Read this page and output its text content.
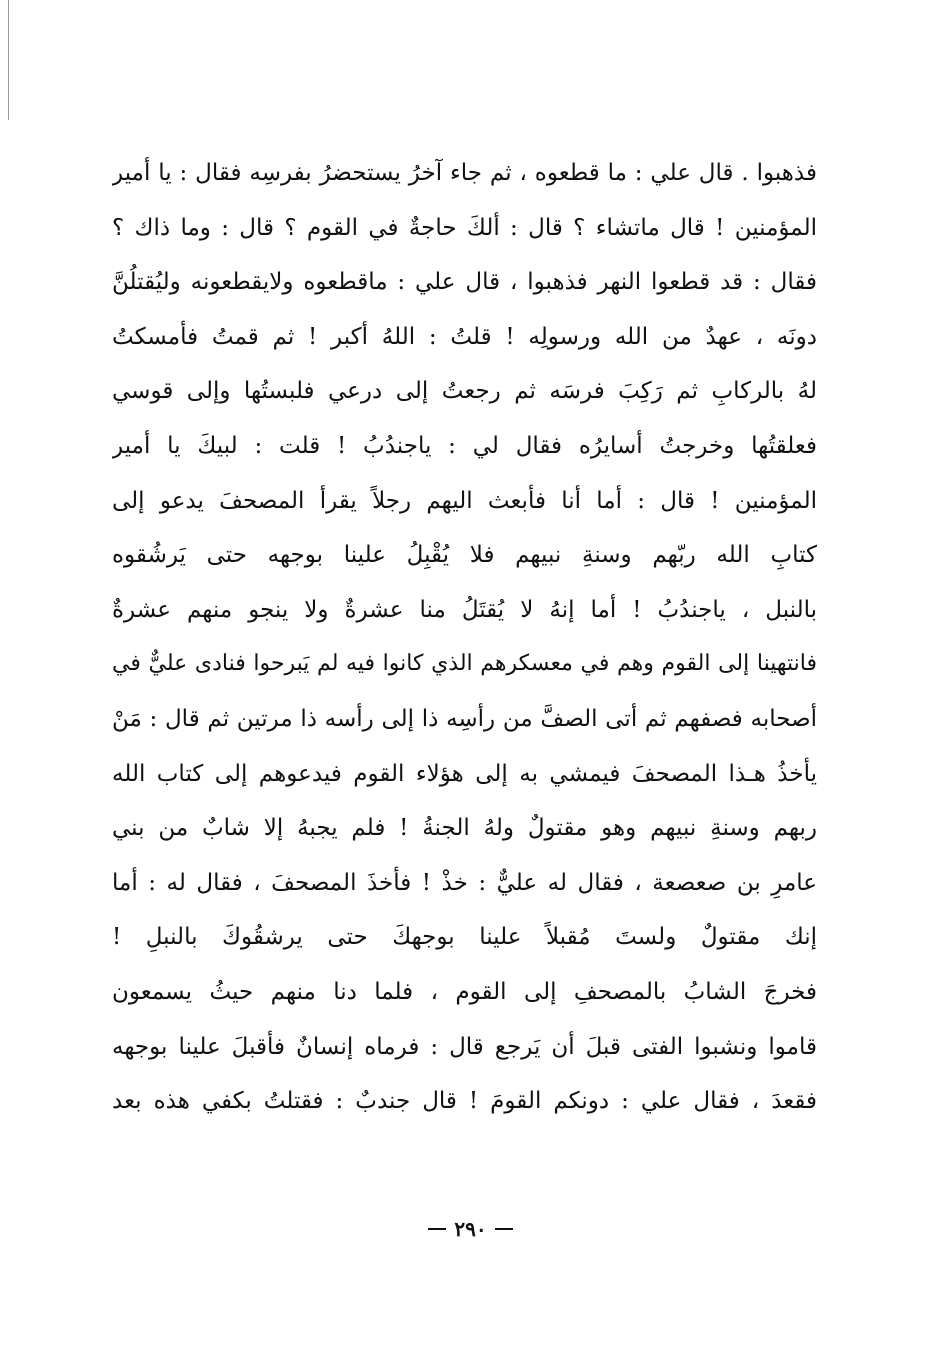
فذهبوا . قال علي : ما قطعوه ، ثم جاء آخرُ يستحضرُ بفرسِه فقال : يا أمير
المؤمنين ! قال ماتشاء ؟ قال : ألكَ حاجةٌ في القوم ؟ قال : وما ذاك ؟
فقال : قد قطعوا النهر فذهبوا ، قال علي : ماقطعوه ولايقطعونه وليُقتلُنَّ
دونَه ، عهدٌ من الله ورسولِه ! قلتُ : اللهُ أكبر ! ثم قمتُ فأمسكتُ
لهُ بالركابِ ثم رَكِبَ فرسَه ثم رجعتُ إلى درعي فلبستُها وإلى قوسي
فعلقتُها وخرجتُ أسايرُه فقال لي : ياجندُبُ ! قلت : لبيكَ يا أمير
المؤمنين ! قال : أما أنا فأبعث اليهم رجلاً يقرأ المصحفَ يدعو إلى
كتابِ الله ربّهم وسنةِ نبيهم فلا يُقْبِلُ علينا بوجهه حتى يَرشُقوه
بالنبل ، ياجندُبُ ! أما إنهُ لا يُقتَلُ منا عشرةٌ ولا ينجو منهم عشرةٌ
فانتهينا إلى القوم وهم في معسكرهم الذي كانوا فيه لم يَبرحوا فنادى عليٌّ في
أصحابه فصفهم ثم أتى الصفَّ من رأسِه ذا إلى رأسه ذا مرتين ثم قال : مَنْ
يأخذُ هـذا المصحفَ فيمشي به إلى هؤلاء القوم فيدعوهم إلى كتاب الله
ربهم وسنةِ نبيهم وهو مقتولٌ ولهُ الجنةُ ! فلم يجبهُ إلا شابٌ من بني
عامرِ بن صعصعة ، فقال له عليٌّ : خذْ ! فأخذَ المصحفَ ، فقال له : أما
إنك مقتولٌ ولستَ مُقبلاً علينا بوجهكَ حتى يرشقُوكَ بالنبلِ !
فخرجَ الشابُ بالمصحفِ إلى القوم ، فلما دنا منهم حيثُ يسمعون
قاموا ونشبوا الفتى قبلَ أن يَرجع قال : فرماه إنسانٌ فأقبلَ علينا بوجهه
فقعدَ ، فقال علي : دونكم القومَ ! قال جندبٌ : فقتلتُ بكفي هذه بعد
٢٩٠
